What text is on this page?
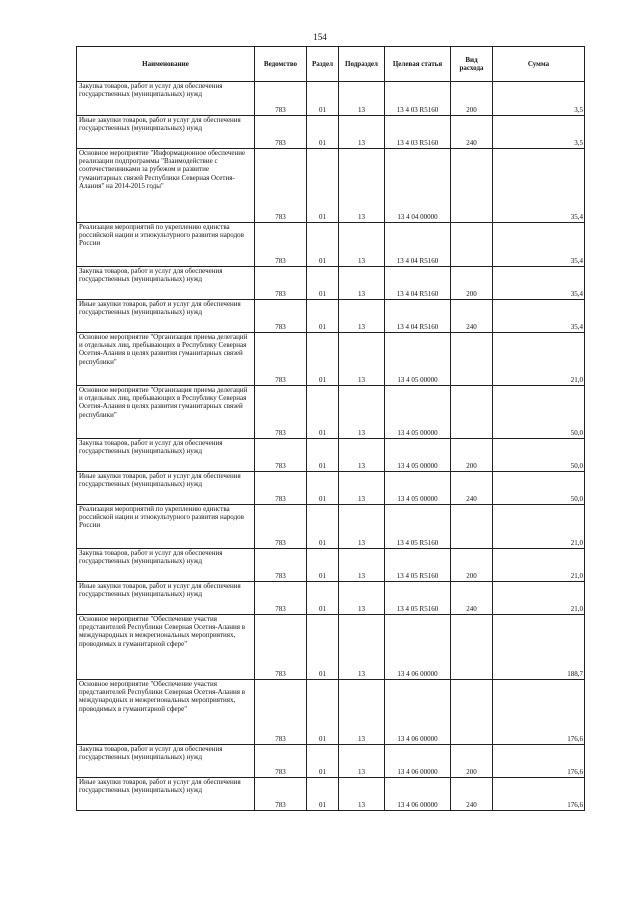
154
Наименование	Ведомство	Раздел	Подраздел	Целевая статья	Вид расхода	Сумма
Закупка товаров, работ и услуг для обеспечения государственных (муниципальных) нужд	783	01	13	13 4 03 R5160	200	3,5
Иные закупки товаров, работ и услуг для обеспечения государственных (муниципальных) нужд	783	01	13	13 4 03 R5160	240	3,5
Основное мероприятие "Информационное обеспечение реализации подпрограммы "Взаимодействие с соотечественниками за рубежом и развитие гуманитарных связей Республики Северная Осетия-Алания" на 2014-2015 годы"	783	01	13	13 4 04 00000		35,4
Реализация мероприятий по укреплению единства российской нации и этнокультурного развития народов России	783	01	13	13 4 04 R5160		35,4
Закупка товаров, работ и услуг для обеспечения государственных (муниципальных) нужд	783	01	13	13 4 04 R5160	200	35,4
Иные закупки товаров, работ и услуг для обеспечения государственных (муниципальных) нужд	783	01	13	13 4 04 R5160	240	35,4
Основное мероприятие "Организация приема делегаций и отдельных лиц, пребывающих в Республику Северная Осетия-Алания в целях развития гуманитарных связей республики"	783	01	13	13 4 05 00000		21,0
Основное мероприятие "Организация приема делегаций и отдельных лиц, пребывающих в Республику Северная Осетия-Алания в целях развития гуманитарных связей республики"	783	01	13	13 4 05 00000		50,0
Закупка товаров, работ и услуг для обеспечения государственных (муниципальных) нужд	783	01	13	13 4 05 00000	200	50,0
Иные закупки товаров, работ и услуг для обеспечения государственных (муниципальных) нужд	783	01	13	13 4 05 00000	240	50,0
Реализация мероприятий по укреплению единства российской нации и этнокультурного развития народов России	783	01	13	13 4 05 R5160		21,0
Закупка товаров, работ и услуг для обеспечения государственных (муниципальных) нужд	783	01	13	13 4 05 R5160	200	21,0
Иные закупки товаров, работ и услуг для обеспечения государственных (муниципальных) нужд	783	01	13	13 4 05 R5160	240	21,0
Основное мероприятие "Обеспечение участия представителей Республики Северная Осетия-Алания в международных и межрегиональных мероприятиях, проводимых в гуманитарной сфере"	783	01	13	13 4 06 00000		188,7
Основное мероприятие "Обеспечение участия представителей Республики Северная Осетия-Алания в международных и межрегиональных мероприятиях, проводимых в гуманитарной сфере"	783	01	13	13 4 06 00000		176,6
Закупка товаров, работ и услуг для обеспечения государственных (муниципальных) нужд	783	01	13	13 4 06 00000	200	176,6
Иные закупки товаров, работ и услуг для обеспечения государственных (муниципальных) нужд	783	01	13	13 4 06 00000	240	176,6
